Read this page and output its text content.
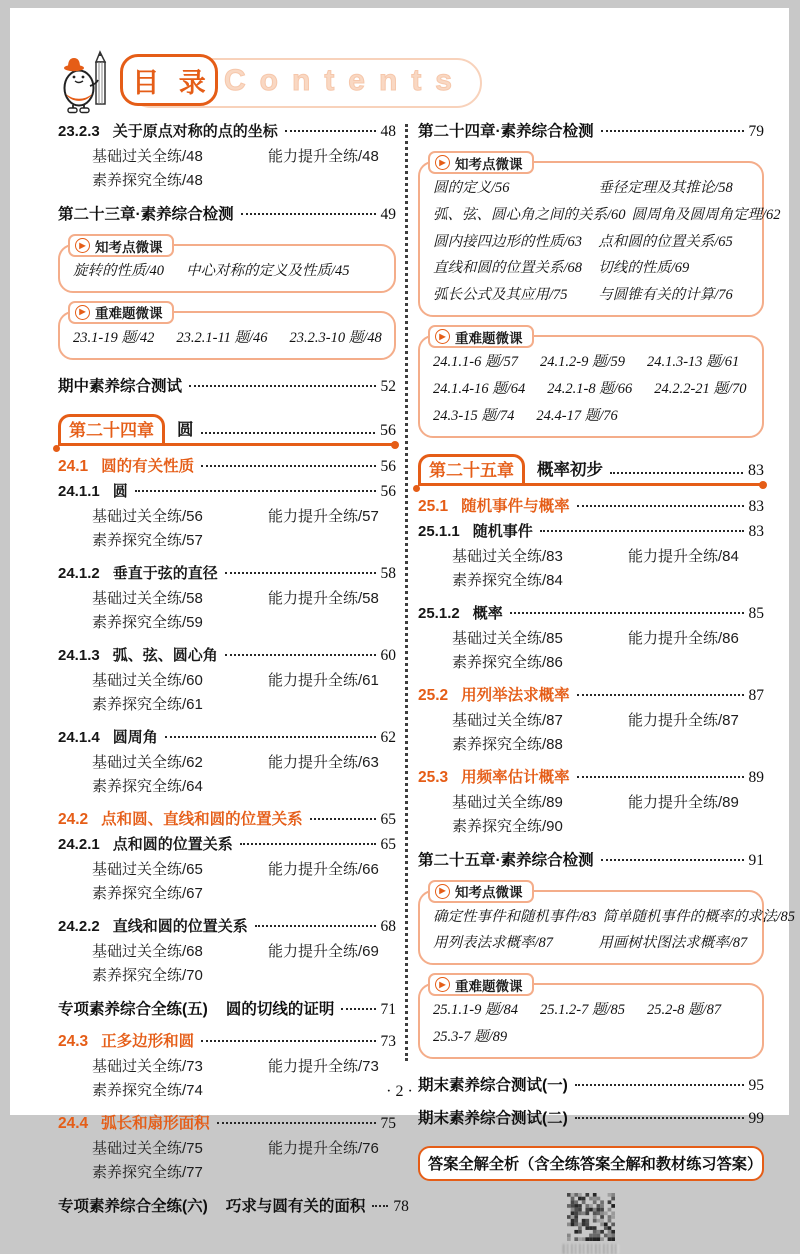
Contents
目 录
23.2.3 关于原点对称的点的坐标	48
基础过关全练/48	能力提升全练/48
素养探究全练/48
第二十三章·素养综合检测	49
▶ 知考点微课
旋转的性质/40 中心对称的定义及性质/45
▶ 重难题微课
23.1-19 题/42 23.2.1-11 题/46 23.2.3-10 题/48
期中素养综合测试	52
第二十四章	圆	56
24.1 圆的有关性质	56
24.1.1 圆	56
基础过关全练/56	能力提升全练/57
素养探究全练/57
24.1.2 垂直于弦的直径	58
基础过关全练/58	能力提升全练/58
素养探究全练/59
24.1.3 弧、弦、圆心角	60
基础过关全练/60	能力提升全练/61
素养探究全练/61
24.1.4 圆周角	62
基础过关全练/62	能力提升全练/63
素养探究全练/64
24.2 点和圆、直线和圆的位置关系	65
24.2.1 点和圆的位置关系	65
基础过关全练/65	能力提升全练/66
素养探究全练/67
24.2.2 直线和圆的位置关系	68
基础过关全练/68	能力提升全练/69
素养探究全练/70
专项素养综合全练(五) 圆的切线的证明	71
24.3 正多边形和圆	73
基础过关全练/73	能力提升全练/73
素养探究全练/74
24.4 弧长和扇形面积	75
基础过关全练/75	能力提升全练/76
素养探究全练/77
专项素养综合全练(六) 巧求与圆有关的面积 78
第二十四章·素养综合检测	79
▶ 知考点微课
圆的定义/56	垂径定理及其推论/58
弧、弦、圆心角之间的关系/60 圆周角及圆周角定理/62
圆内接四边形的性质/63	点和圆的位置关系/65
直线和圆的位置关系/68	切线的性质/69
弧长公式及其应用/75	与圆锥有关的计算/76
▶ 重难题微课
24.1.1-6 题/57 24.1.2-9 题/59 24.1.3-13 题/61
24.1.4-16 题/64 24.2.1-8 题/66 24.2.2-21 题/70
24.3-15 题/74 24.4-17 题/76
第二十五章	概率初步	83
25.1 随机事件与概率	83
25.1.1 随机事件	83
基础过关全练/83	能力提升全练/84
素养探究全练/84
25.1.2 概率	85
基础过关全练/85	能力提升全练/86
素养探究全练/86
25.2 用列举法求概率	87
基础过关全练/87	能力提升全练/87
素养探究全练/88
25.3 用频率估计概率	89
基础过关全练/89	能力提升全练/89
素养探究全练/90
第二十五章·素养综合检测	91
▶ 知考点微课
确定性事件和随机事件/83 简单随机事件的概率的求法/85
用列表法求概率/87	用画树状图法求概率/87
▶ 重难题微课
25.1.1-9 题/84 25.1.2-7 题/85 25.2-8 题/87
25.3-7 题/89
期末素养综合测试(一)	95
期末素养综合测试(二)	99
答案全解全析（含全练答案全解和教材练习答案）
· 2 ·
